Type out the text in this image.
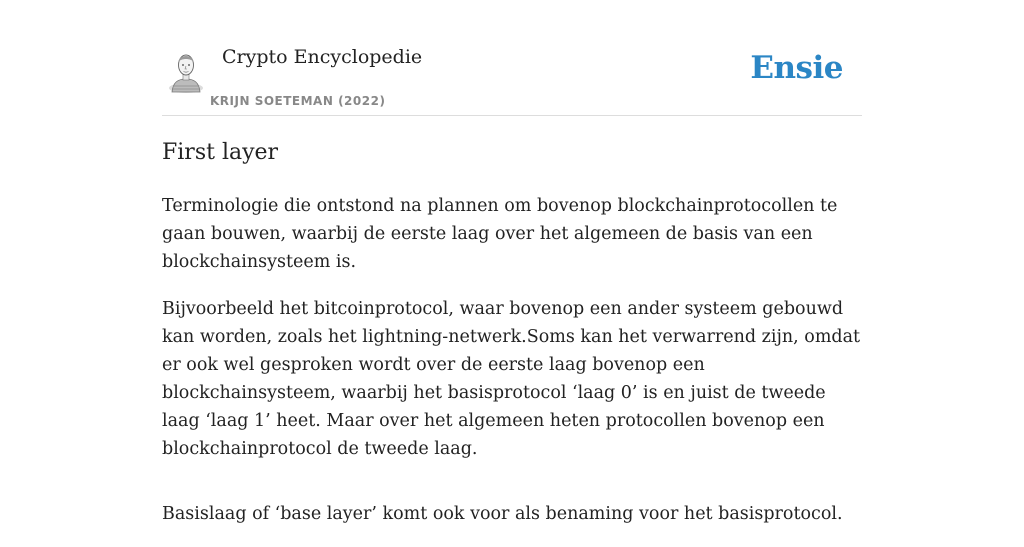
Crypto Encyclopedie
KRIJN SOETEMAN (2022)
Ensie
First layer

Terminologie die ontstond na plannen om bovenop blockchainprotocollen te gaan bouwen, waarbij de eerste laag over het algemeen de basis van een blockchainsysteem is.

Bijvoorbeeld het bitcoinprotocol, waar bovenop een ander systeem gebouwd kan worden, zoals het lightning-netwerk.Soms kan het verwarrend zijn, omdat er ook wel gesproken wordt over de eerste laag bovenop een blockchainsysteem, waarbij het basisprotocol ‘laag 0’ is en juist de tweede laag ‘laag 1’ heet. Maar over het algemeen heten protocollen bovenop een blockchainprotocol de tweede laag.

Basislaag of ‘base layer’ komt ook voor als benaming voor het basisprotocol.
